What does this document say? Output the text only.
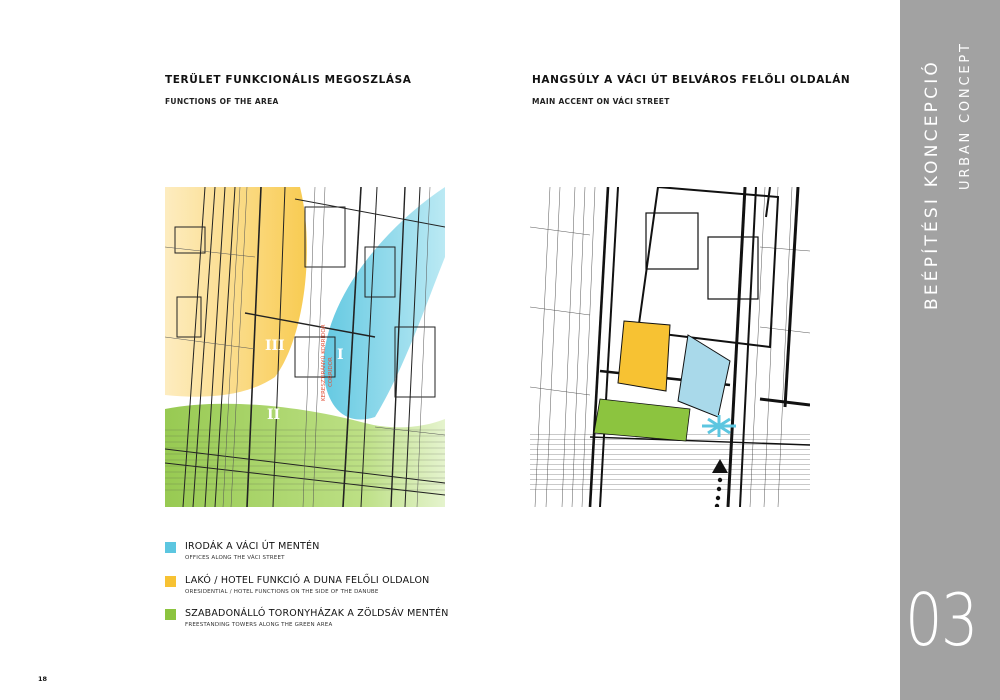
TERÜLET FUNKCIONÁLIS MEGOSZLÁSA
FUNCTIONS OF THE AREA
I
II
III	KERESZTIRÁNYÚ KORRIDOR CORRIDOR
HANGSÚLY A VÁCI ÚT BELVÁROS FELŐLI OLDALÁN
MAIN ACCENT ON VÁCI STREET
IRODÁK A VÁCI ÚT MENTÉN
OFFICES ALONG THE VÁCI STREET
LAKÓ / HOTEL FUNKCIÓ A DUNA FELŐLI OLDALON
ORESIDENTIAL / HOTEL FUNCTIONS ON THE SIDE OF THE DANUBE
SZABADONÁLLÓ TORONYHÁZAK A ZÖLDSÁV MENTÉN
FREESTANDING TOWERS ALONG THE GREEN AREA
18
BEÉPÍTÉSI KONCEPCIÓ URBAN CONCEPT
03
